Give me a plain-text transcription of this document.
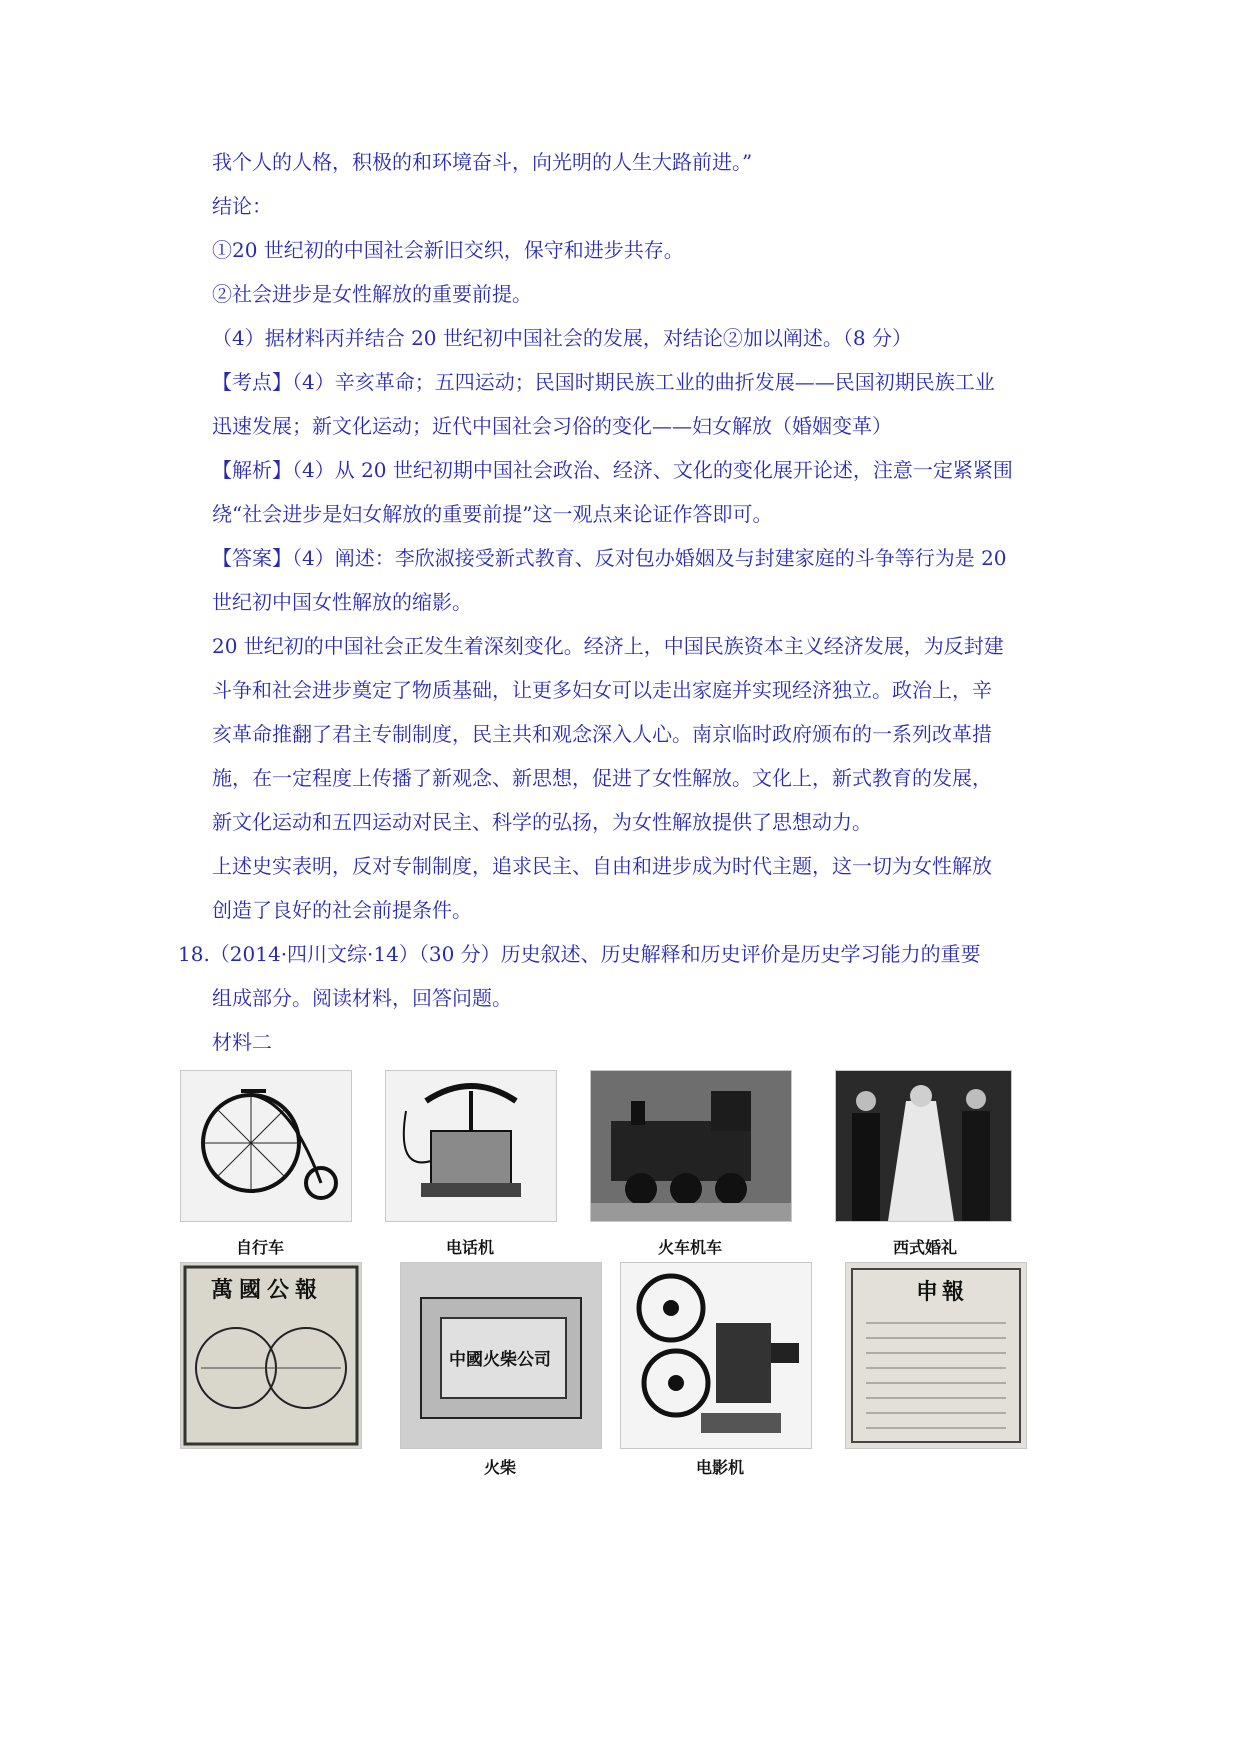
我个人的人格，积极的和环境奋斗，向光明的人生大路前进。”
结论：
①20 世纪初的中国社会新旧交织，保守和进步共存。
②社会进步是女性解放的重要前提。
（4）据材料丙并结合 20 世纪初中国社会的发展，对结论②加以阐述。（8 分）
【考点】（4）辛亥革命；五四运动；民国时期民族工业的曲折发展——民国初期民族工业
迅速发展；新文化运动；近代中国社会习俗的变化——妇女解放（婚姻变革）
【解析】（4）从 20 世纪初期中国社会政治、经济、文化的变化展开论述，注意一定紧紧围
绕“社会进步是妇女解放的重要前提”这一观点来论证作答即可。
【答案】（4）阐述：李欣淑接受新式教育、反对包办婚姻及与封建家庭的斗争等行为是 20
世纪初中国女性解放的缩影。
20 世纪初的中国社会正发生着深刻变化。经济上，中国民族资本主义经济发展，为反封建
斗争和社会进步奠定了物质基础，让更多妇女可以走出家庭并实现经济独立。政治上，辛
亥革命推翻了君主专制制度，民主共和观念深入人心。南京临时政府颁布的一系列改革措
施，在一定程度上传播了新观念、新思想，促进了女性解放。文化上，新式教育的发展，
新文化运动和五四运动对民主、科学的弘扬，为女性解放提供了思想动力。
上述史实表明，反对专制制度，追求民主、自由和进步成为时代主题，这一切为女性解放
创造了良好的社会前提条件。
18.（2014·四川文综·14）（30 分）历史叙述、历史解释和历史评价是历史学习能力的重要
组成部分。阅读材料，回答问题。
材料二
自行车	电话机	火车机车	西式婚礼
萬國公報
中國火柴公司
申報
火柴	电影机
